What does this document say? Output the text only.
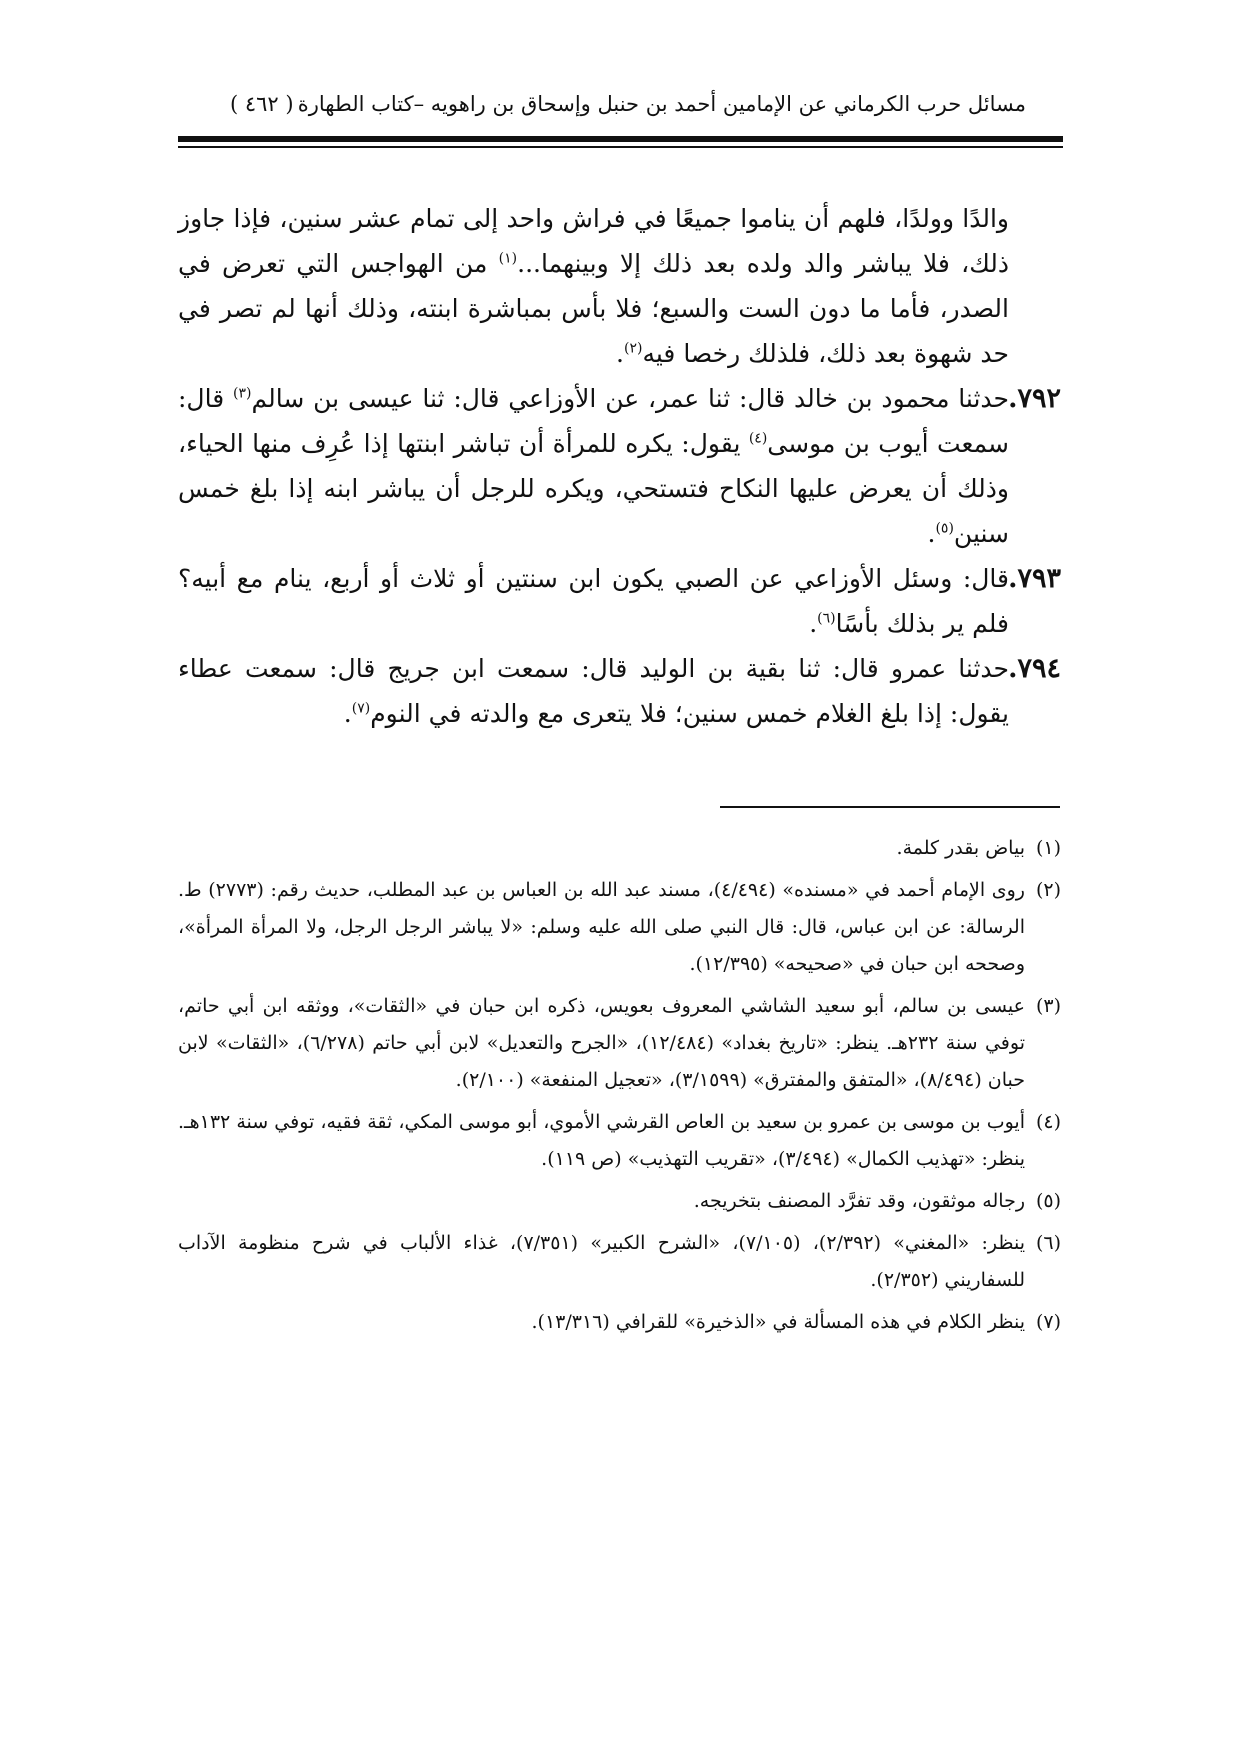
مسائل حرب الكرماني عن الإمامين أحمد بن حنبل وإسحاق بن راهويه –كتاب الطهارة
( ٤٦٢ )

والدًا وولدًا، فلهم أن يناموا جميعًا في فراش واحد إلى تمام عشر سنين، فإذا جاوز ذلك، فلا يباشر والد ولده بعد ذلك إلا وبينهما...$^{(١)}$ من الهواجس التي تعرض في الصدر، فأما ما دون الست والسبع؛ فلا بأس بمباشرة ابنته، وذلك أنها لم تصر في حد شهوة بعد ذلك، فلذلك رخصا فيه$^{(٢)}$.

٧٩٢.
حدثنا محمود بن خالد قال: ثنا عمر، عن الأوزاعي قال: ثنا عيسى بن سالم$^{(٣)}$ قال: سمعت أيوب بن موسى$^{(٤)}$ يقول: يكره للمرأة أن تباشر ابنتها إذا عُرِف منها الحياء، وذلك أن يعرض عليها النكاح فتستحي، ويكره للرجل أن يباشر ابنه إذا بلغ خمس سنين$^{(٥)}$.

٧٩٣.
قال: وسئل الأوزاعي عن الصبي يكون ابن سنتين أو ثلاث أو أربع، ينام مع أبيه؟ فلم ير بذلك بأسًا$^{(٦)}$.

٧٩٤.
حدثنا عمرو قال: ثنا بقية بن الوليد قال: سمعت ابن جريج قال: سمعت عطاء يقول: إذا بلغ الغلام خمس سنين؛ فلا يتعرى مع والدته في النوم$^{(٧)}$.

(١)
بياض بقدر كلمة.

(٢)
روى الإمام أحمد في «مسنده» (٤/٤٩٤)، مسند عبد الله بن العباس بن عبد المطلب، حديث رقم: (٢٧٧٣) ط. الرسالة: عن ابن عباس، قال: قال النبي صلى الله عليه وسلم: «لا يباشر الرجل الرجل، ولا المرأة المرأة»، وصححه ابن حبان في «صحيحه» (١٢/٣٩٥).

(٣)
عيسى بن سالم، أبو سعيد الشاشي المعروف بعويس، ذكره ابن حبان في «الثقات»، ووثقه ابن أبي حاتم، توفي سنة ٢٣٢هـ. ينظر: «تاريخ بغداد» (١٢/٤٨٤)، «الجرح والتعديل» لابن أبي حاتم (٦/٢٧٨)، «الثقات» لابن حبان (٨/٤٩٤)، «المتفق والمفترق» (٣/١٥٩٩)، «تعجيل المنفعة» (٢/١٠٠).

(٤)
أيوب بن موسى بن عمرو بن سعيد بن العاص القرشي الأموي، أبو موسى المكي، ثقة فقيه، توفي سنة ١٣٢هـ. ينظر: «تهذيب الكمال» (٣/٤٩٤)، «تقريب التهذيب» (ص ١١٩).

(٥)
رجاله موثقون، وقد تفرَّد المصنف بتخريجه.

(٦)
ينظر: «المغني» (٢/٣٩٢)، (٧/١٠٥)، «الشرح الكبير» (٧/٣٥١)، غذاء الألباب في شرح منظومة الآداب للسفاريني (٢/٣٥٢).

(٧)
ينظر الكلام في هذه المسألة في «الذخيرة» للقرافي (١٣/٣١٦).
